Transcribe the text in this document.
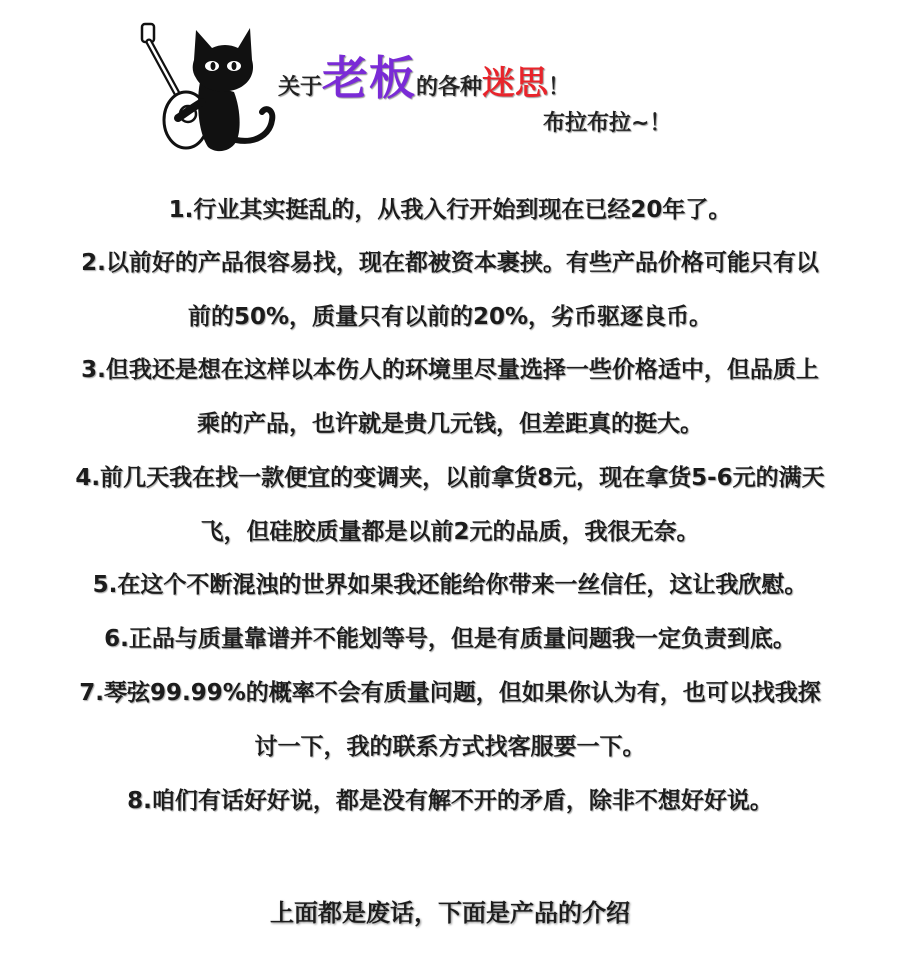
关于老板的各种迷思！
布拉布拉~！
1.行业其实挺乱的，从我入行开始到现在已经20年了。
2.以前好的产品很容易找，现在都被资本裹挟。有些产品价格可能只有以
前的50%，质量只有以前的20%，劣币驱逐良币。
3.但我还是想在这样以本伤人的环境里尽量选择一些价格适中，但品质上
乘的产品，也许就是贵几元钱，但差距真的挺大。
4.前几天我在找一款便宜的变调夹，以前拿货8元，现在拿货5-6元的满天
飞，但硅胶质量都是以前2元的品质，我很无奈。
5.在这个不断混浊的世界如果我还能给你带来一丝信任，这让我欣慰。
6.正品与质量靠谱并不能划等号，但是有质量问题我一定负责到底。
7.琴弦99.99%的概率不会有质量问题，但如果你认为有，也可以找我探
讨一下，我的联系方式找客服要一下。
8.咱们有话好好说，都是没有解不开的矛盾，除非不想好好说。
上面都是废话，下面是产品的介绍
